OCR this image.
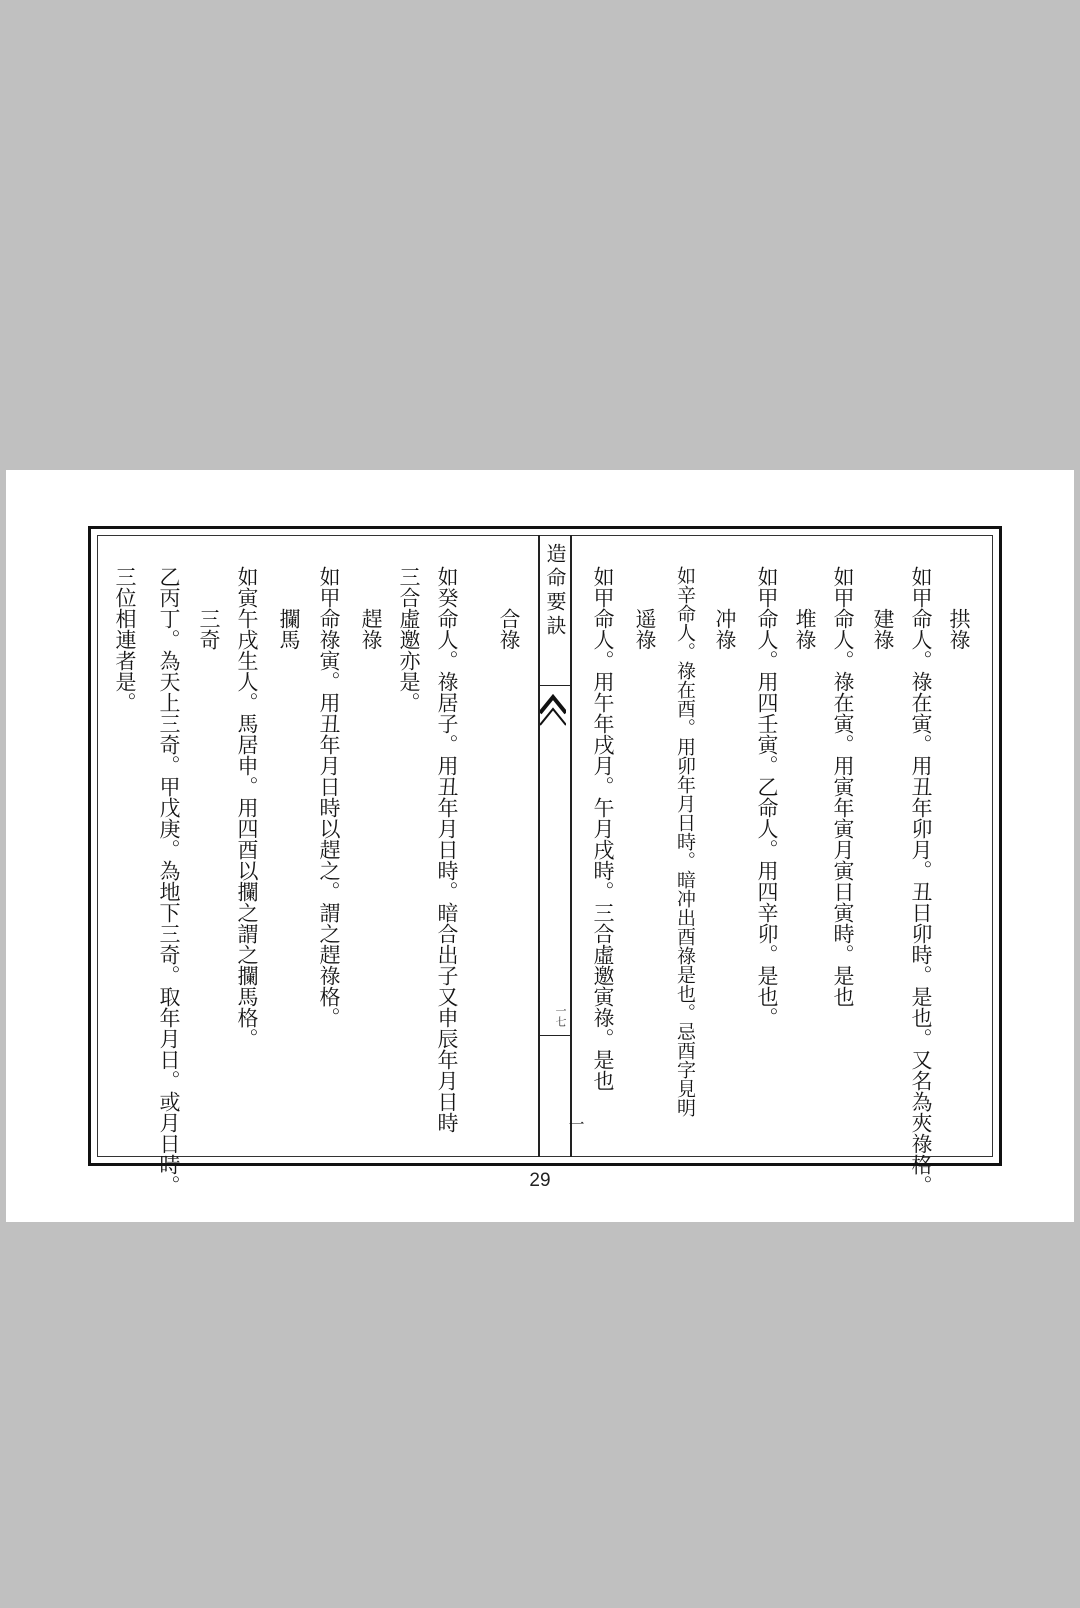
合祿
如癸命人。祿居子。用丑年月日時。暗合出子又申辰年月日時
三合虛邀亦是。
趕祿
如甲命祿寅。用丑年月日時以趕之。謂之趕祿格。
攔馬
如寅午戌生人。馬居申。用四酉以攔之謂之攔馬格。
三奇
乙丙丁。為天上三奇。甲戊庚。為地下三奇。取年月日。或月日時。
三位相連者是。	造命要訣
一七
拱祿
如甲命人。祿在寅。用丑年卯月。丑日卯時。是也。又名為夾祿格。
建祿
如甲命人。祿在寅。用寅年寅月寅日寅時。是也
堆祿
如甲命人。用四壬寅。乙命人。用四辛卯。是也。
冲祿
如辛命人。祿在酉。用卯年月日時。暗冲出酉祿是也。忌酉字見明
遥祿
如甲命人。用午年戌月。午月戌時。三合虛邀寅祿。是也
一
29
